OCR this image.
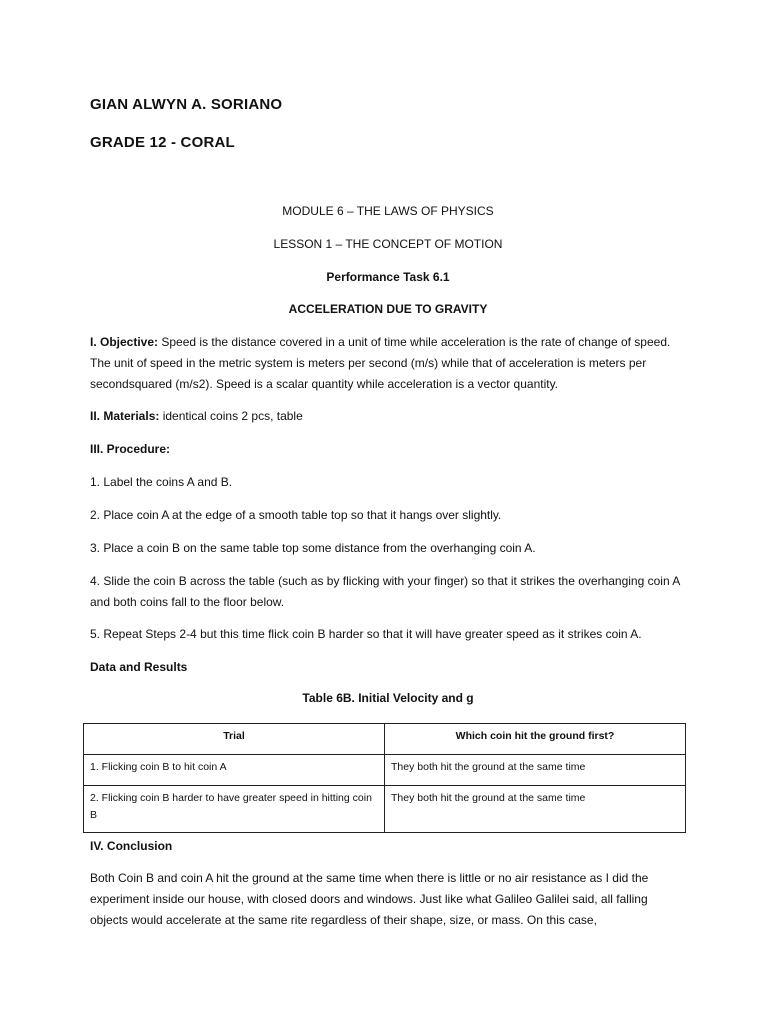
GIAN ALWYN A. SORIANO
GRADE 12 - CORAL
MODULE 6 – THE LAWS OF PHYSICS
LESSON 1 – THE CONCEPT OF MOTION
Performance Task 6.1
ACCELERATION DUE TO GRAVITY
I. Objective: Speed is the distance covered in a unit of time while acceleration is the rate of change of speed. The unit of speed in the metric system is meters per second (m/s) while that of acceleration is meters per secondsquared (m/s2). Speed is a scalar quantity while acceleration is a vector quantity.
II. Materials: identical coins 2 pcs, table
III. Procedure:
1. Label the coins A and B.
2. Place coin A at the edge of a smooth table top so that it hangs over slightly.
3. Place a coin B on the same table top some distance from the overhanging coin A.
4. Slide the coin B across the table (such as by flicking with your finger) so that it strikes the overhanging coin A and both coins fall to the floor below.
5. Repeat Steps 2-4 but this time flick coin B harder so that it will have greater speed as it strikes coin A.
Data and Results
Table 6B. Initial Velocity and g
Trial	Which coin hit the ground first?
1. Flicking coin B to hit coin A	They both hit the ground at the same time
2. Flicking coin B harder to have greater speed in hitting coin B	They both hit the ground at the same time
IV. Conclusion
Both Coin B and coin A hit the ground at the same time when there is little or no air resistance as I did the experiment inside our house, with closed doors and windows. Just like what Galileo Galilei said, all falling objects would accelerate at the same rite regardless of their shape, size, or mass. On this case,
